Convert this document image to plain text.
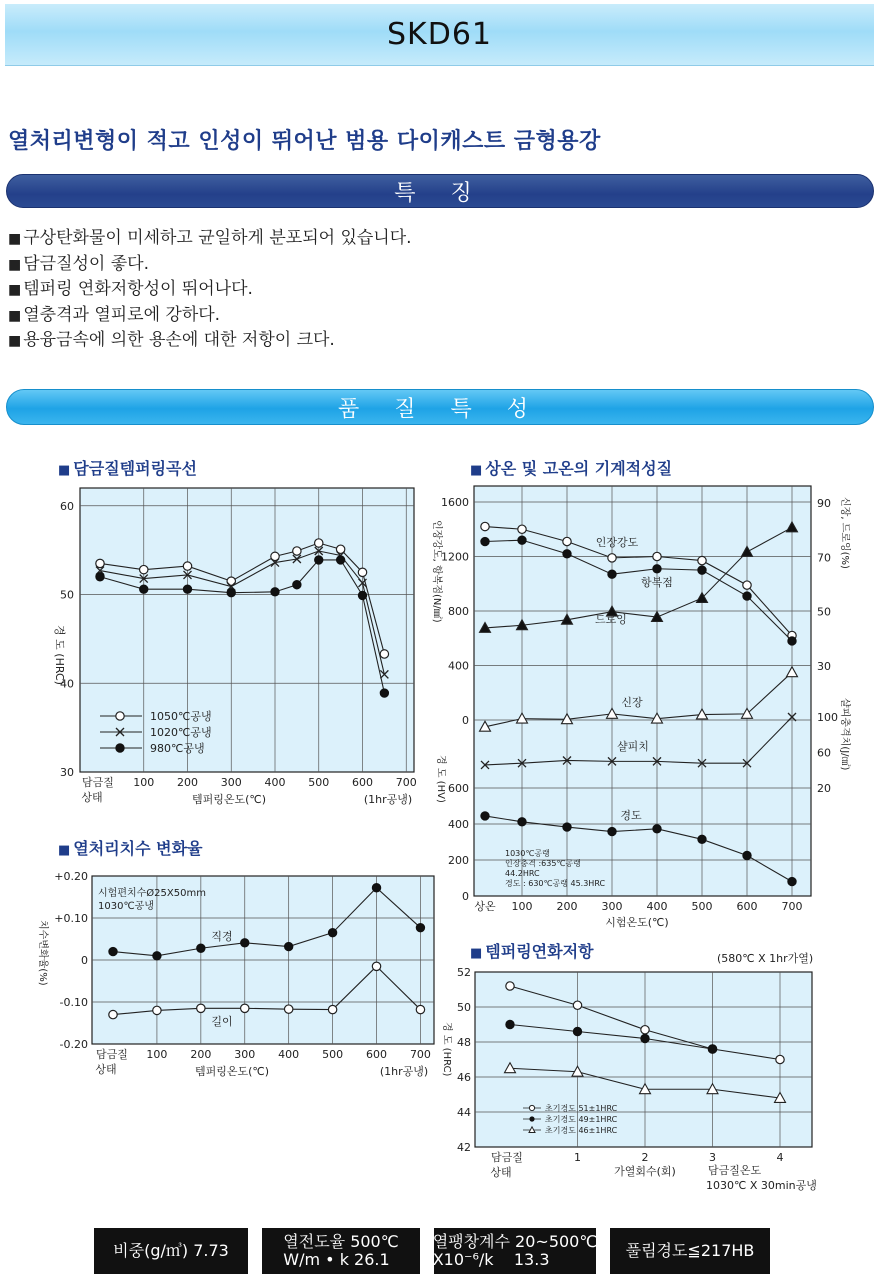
SKD61
열처리변형이 적고 인성이 뛰어난 범용 다이캐스트 금형용강
특 징
■ 구상탄화물이 미세하고 균일하게 분포되어 있습니다.
■ 담금질성이 좋다.
■ 템퍼링 연화저항성이 뛰어나다.
■ 열충격과 열피로에 강하다.
■ 용융금속에 의한 용손에 대한 저항이 크다.
품 질 특 성
■ 담금질템퍼링곡선
■	상온 및 고온의 기계적성질
■ 열처리치수 변화율
■ 템퍼링연화저항
30
40
50
60
100 200 300 400 500 600 700
담금질
상태	템퍼링온도(℃)	(1hr공냉)
경 도 (HRC)
1050℃공냉
1020℃공냉
980℃공냉
0
400
800
1200
1600
0
200
400
600
30
50
70
90
20
60
100
상온 100 200 300 400 500 600 700
시험온도(℃)
인장강도, 항복점(N/㎟)
경 도 (HV)
신장, 드로잉(%)
샬피충격치(J/㎠)
인장강도
항복점
드로잉
신장
샬피치
경도
1030℃공랭
인장충격 :635℃공랭
44.2HRC
경도 : 630℃공랭 45.3HRC
+0.20
+0.10
0
-0.10
-0.20
100 200 300 400 500 600 700
담금질
상태	템퍼링온도(℃)	(1hr공냉)
치수변화율(%)
시험편치수Ø25X50mm
1030℃공냉
직경
길이
42
44
46
48
50
52
1	2	3	4
담금질
상태	가열회수(회)	담금질온도
1030℃ X 30min공냉
(580℃ X 1hr가열)
경 도 (HRC)
초기경도 51±1HRC
초기경도 49±1HRC
초기경도 46±1HRC
비중(g/㎥) 7.73	열전도율 500℃
W/m • k 26.1
열팽창계수 20~500℃
X10⁻⁶/k    13.3	풀림경도≦217HB
